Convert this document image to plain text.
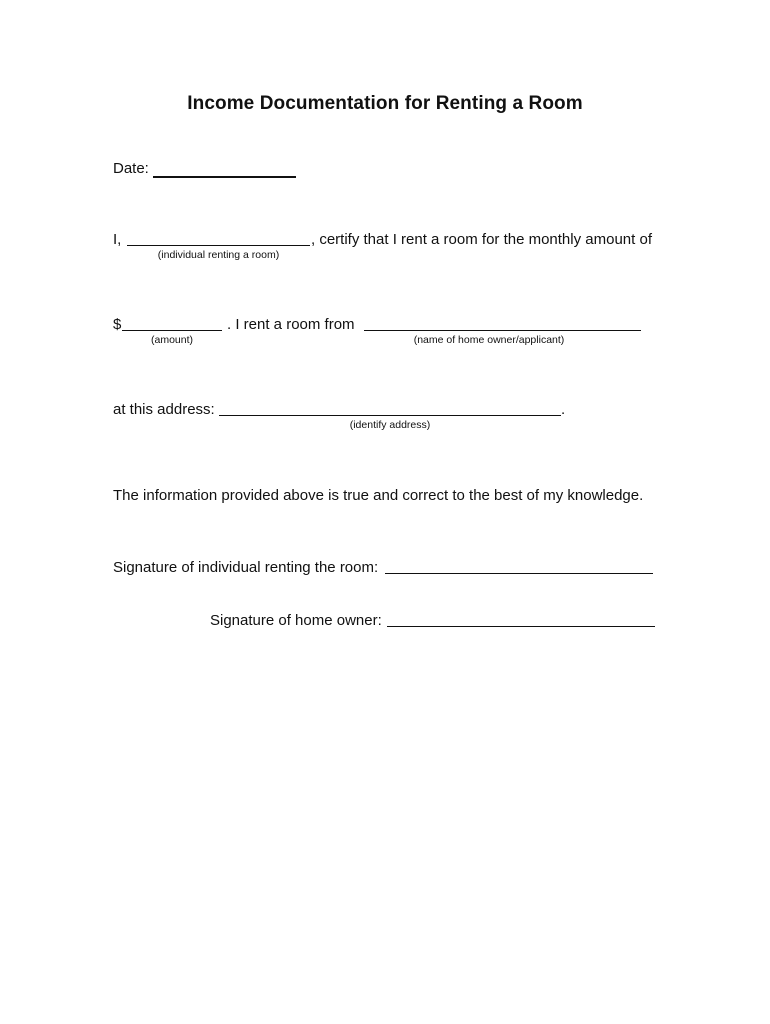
Income Documentation for Renting a Room
Date:
I,	, certify that I rent a room for the monthly amount of
(individual renting a room)
$	. I rent a room from
(amount)	(name of home owner/applicant)
at this address:	.
(identify address)
The information provided above is true and correct to the best of my knowledge.
Signature of individual renting the room:
Signature of home owner:
